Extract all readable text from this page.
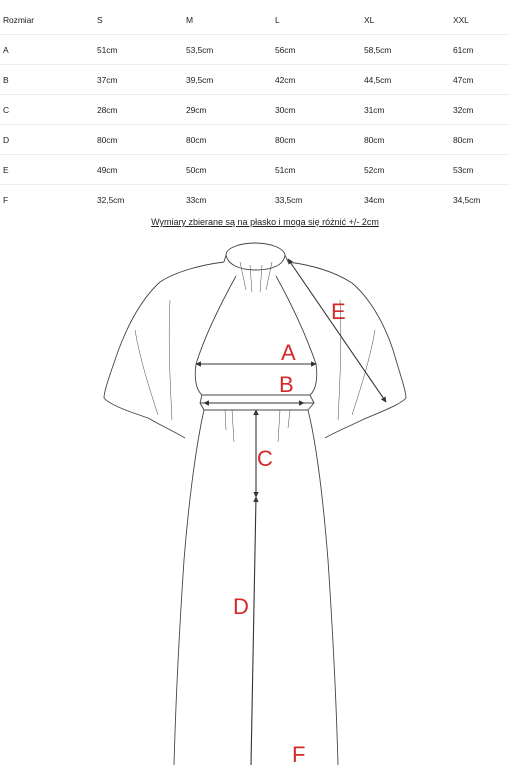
Rozmiar	S	M	L	XL	XXL
A	51cm	53,5cm	56cm	58,5cm	61cm
B	37cm	39,5cm	42cm	44,5cm	47cm
C	28cm	29cm	30cm	31cm	32cm
D	80cm	80cm	80cm	80cm	80cm
E	49cm	50cm	51cm	52cm	53cm
F	32,5cm	33cm	33,5cm	34cm	34,5cm
Wymiary zbierane są na płasko i moga się różnić +/- 2cm
A
B
C
D
E
F
